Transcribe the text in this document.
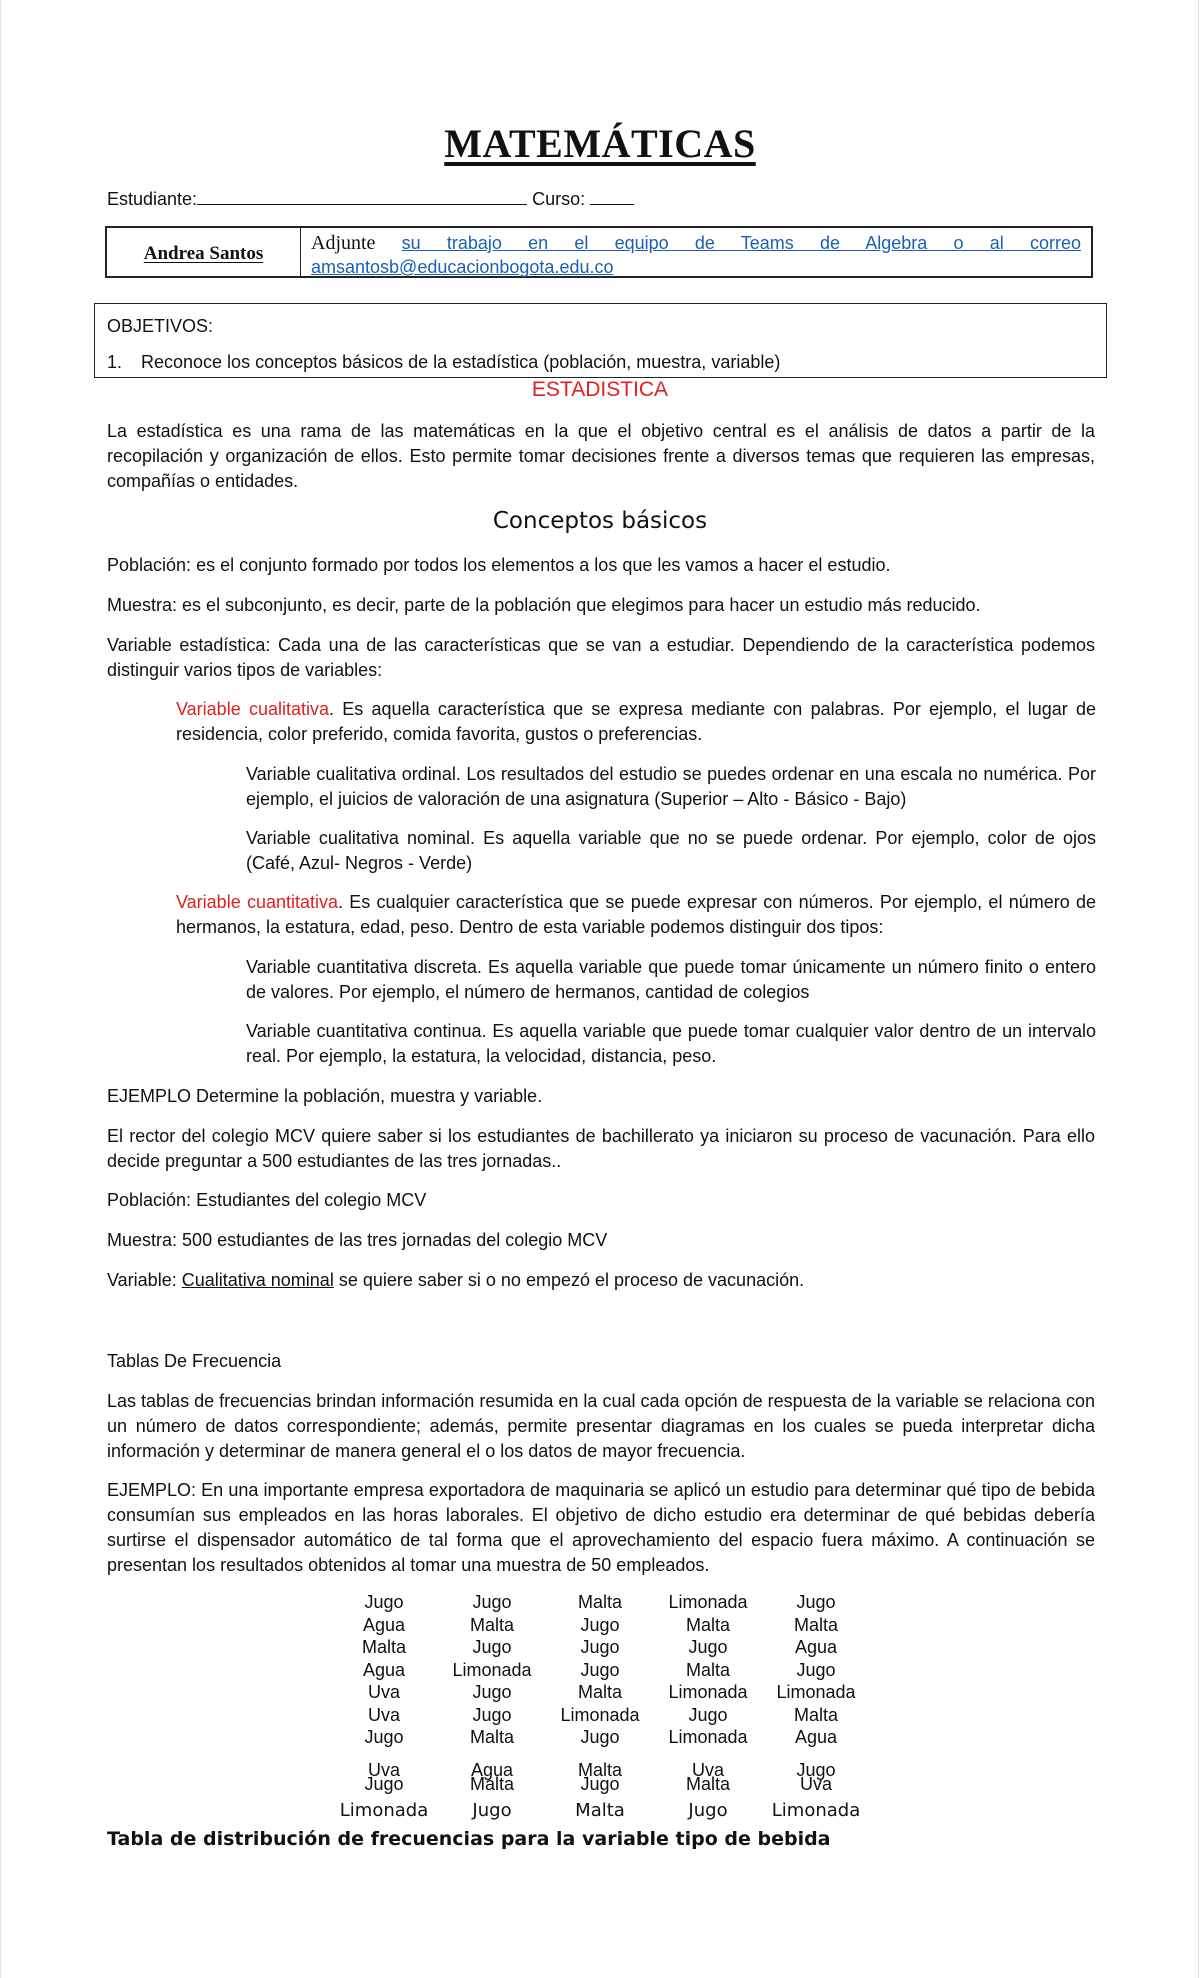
MATEMÁTICAS
Estudiante:	Curso:
Andrea Santos	Adjunte su trabajo en el equipo de Teams de Algebra o al correo
amsantosb@educacionbogota.edu.co
OBJETIVOS:
1. Reconoce los conceptos básicos de la estadística (población, muestra, variable)
ESTADISTICA
La estadística es una rama de las matemáticas en la que el objetivo central es el análisis de datos a partir de la recopilación y organización de ellos. Esto permite tomar decisiones frente a diversos temas que requieren las empresas, compañías o entidades.
Conceptos básicos
Población: es el conjunto formado por todos los elementos a los que les vamos a hacer el estudio.
Muestra: es el subconjunto, es decir, parte de la población que elegimos para hacer un estudio más reducido.
Variable estadística: Cada una de las características que se van a estudiar. Dependiendo de la característica podemos distinguir varios tipos de variables:
Variable cualitativa. Es aquella característica que se expresa mediante con palabras. Por ejemplo, el lugar de residencia, color preferido, comida favorita, gustos o preferencias.
Variable cualitativa ordinal. Los resultados del estudio se puedes ordenar en una escala no numérica. Por ejemplo, el juicios de valoración de una asignatura (Superior – Alto - Básico - Bajo)
Variable cualitativa nominal. Es aquella variable que no se puede ordenar. Por ejemplo, color de ojos (Café, Azul- Negros - Verde)
Variable cuantitativa. Es cualquier característica que se puede expresar con números. Por ejemplo, el número de hermanos, la estatura, edad, peso. Dentro de esta variable podemos distinguir dos tipos:
Variable cuantitativa discreta. Es aquella variable que puede tomar únicamente un número finito o entero de valores. Por ejemplo, el número de hermanos, cantidad de colegios
Variable cuantitativa continua. Es aquella variable que puede tomar cualquier valor dentro de un intervalo real. Por ejemplo, la estatura, la velocidad, distancia, peso.
EJEMPLO Determine la población, muestra y variable.
El rector del colegio MCV quiere saber si los estudiantes de bachillerato ya iniciaron su proceso de vacunación. Para ello decide preguntar a 500 estudiantes de las tres jornadas..
Población: Estudiantes del colegio MCV
Muestra: 500 estudiantes de las tres jornadas del colegio MCV
Variable: Cualitativa nominal se quiere saber si o no empezó el proceso de vacunación.
Tablas De Frecuencia
Las tablas de frecuencias brindan información resumida en la cual cada opción de respuesta de la variable se relaciona con un número de datos correspondiente; además, permite presentar diagramas en los cuales se pueda interpretar dicha información y determinar de manera general el o los datos de mayor frecuencia.
EJEMPLO: En una importante empresa exportadora de maquinaria se aplicó un estudio para determinar qué tipo de bebida consumían sus empleados en las horas laborales. El objetivo de dicho estudio era determinar de qué bebidas debería surtirse el dispensador automático de tal forma que el aprovechamiento del espacio fuera máximo. A continuación se presentan los resultados obtenidos al tomar una muestra de 50 empleados.
Jugo	Jugo	Malta	Limonada	Jugo
Agua	Malta	Jugo	Malta	Malta
Malta	Jugo	Jugo	Jugo	Agua
Agua	Limonada	Jugo	Malta	Jugo
Uva	Jugo	Malta	Limonada	Limonada
Uva	Jugo	Limonada	Jugo	Malta
Jugo	Malta	Jugo	Limonada	Agua
Uva	Agua	Malta	Uva	Jugo
Jugo	Malta	Jugo	Malta	Uva
Limonada	Jugo	Malta	Jugo	Limonada
Tabla de distribución de frecuencias para la variable tipo de bebida
